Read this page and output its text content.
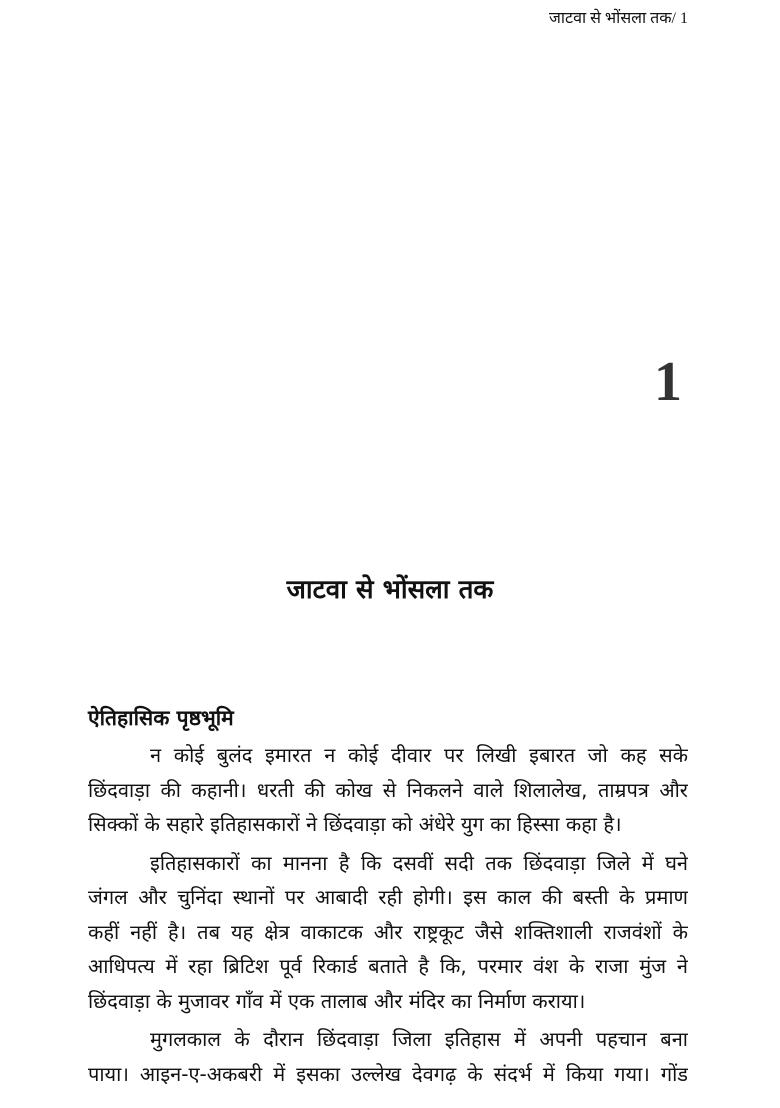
जाटवा से भोंसला तक/ 1
1
जाटवा से भोंसला तक
ऐतिहासिक पृष्ठभूमि
न कोई बुलंद इमारत न कोई दीवार पर लिखी इबारत जो कह सके
छिंदवाड़ा की कहानी। धरती की कोख से निकलने वाले शिलालेख, ताम्रपत्र और
सिक्कों के सहारे इतिहासकारों ने छिंदवाड़ा को अंधेरे युग का हिस्सा कहा है।
इतिहासकारों का मानना है कि दसवीं सदी तक छिंदवाड़ा जिले में घने
जंगल और चुनिंदा स्थानों पर आबादी रही होगी। इस काल की बस्ती के प्रमाण
कहीं नहीं है। तब यह क्षेत्र वाकाटक और राष्ट्रकूट जैसे शक्तिशाली राजवंशों के
आधिपत्य में रहा ब्रिटिश पूर्व रिकार्ड बताते है कि, परमार वंश के राजा मुंज ने
छिंदवाड़ा के मुजावर गाँव में एक तालाब और मंदिर का निर्माण कराया।
मुगलकाल के दौरान छिंदवाड़ा जिला इतिहास में अपनी पहचान बना
पाया। आइन-ए-अकबरी में इसका उल्लेख देवगढ़ के संदर्भ में किया गया। गोंड
